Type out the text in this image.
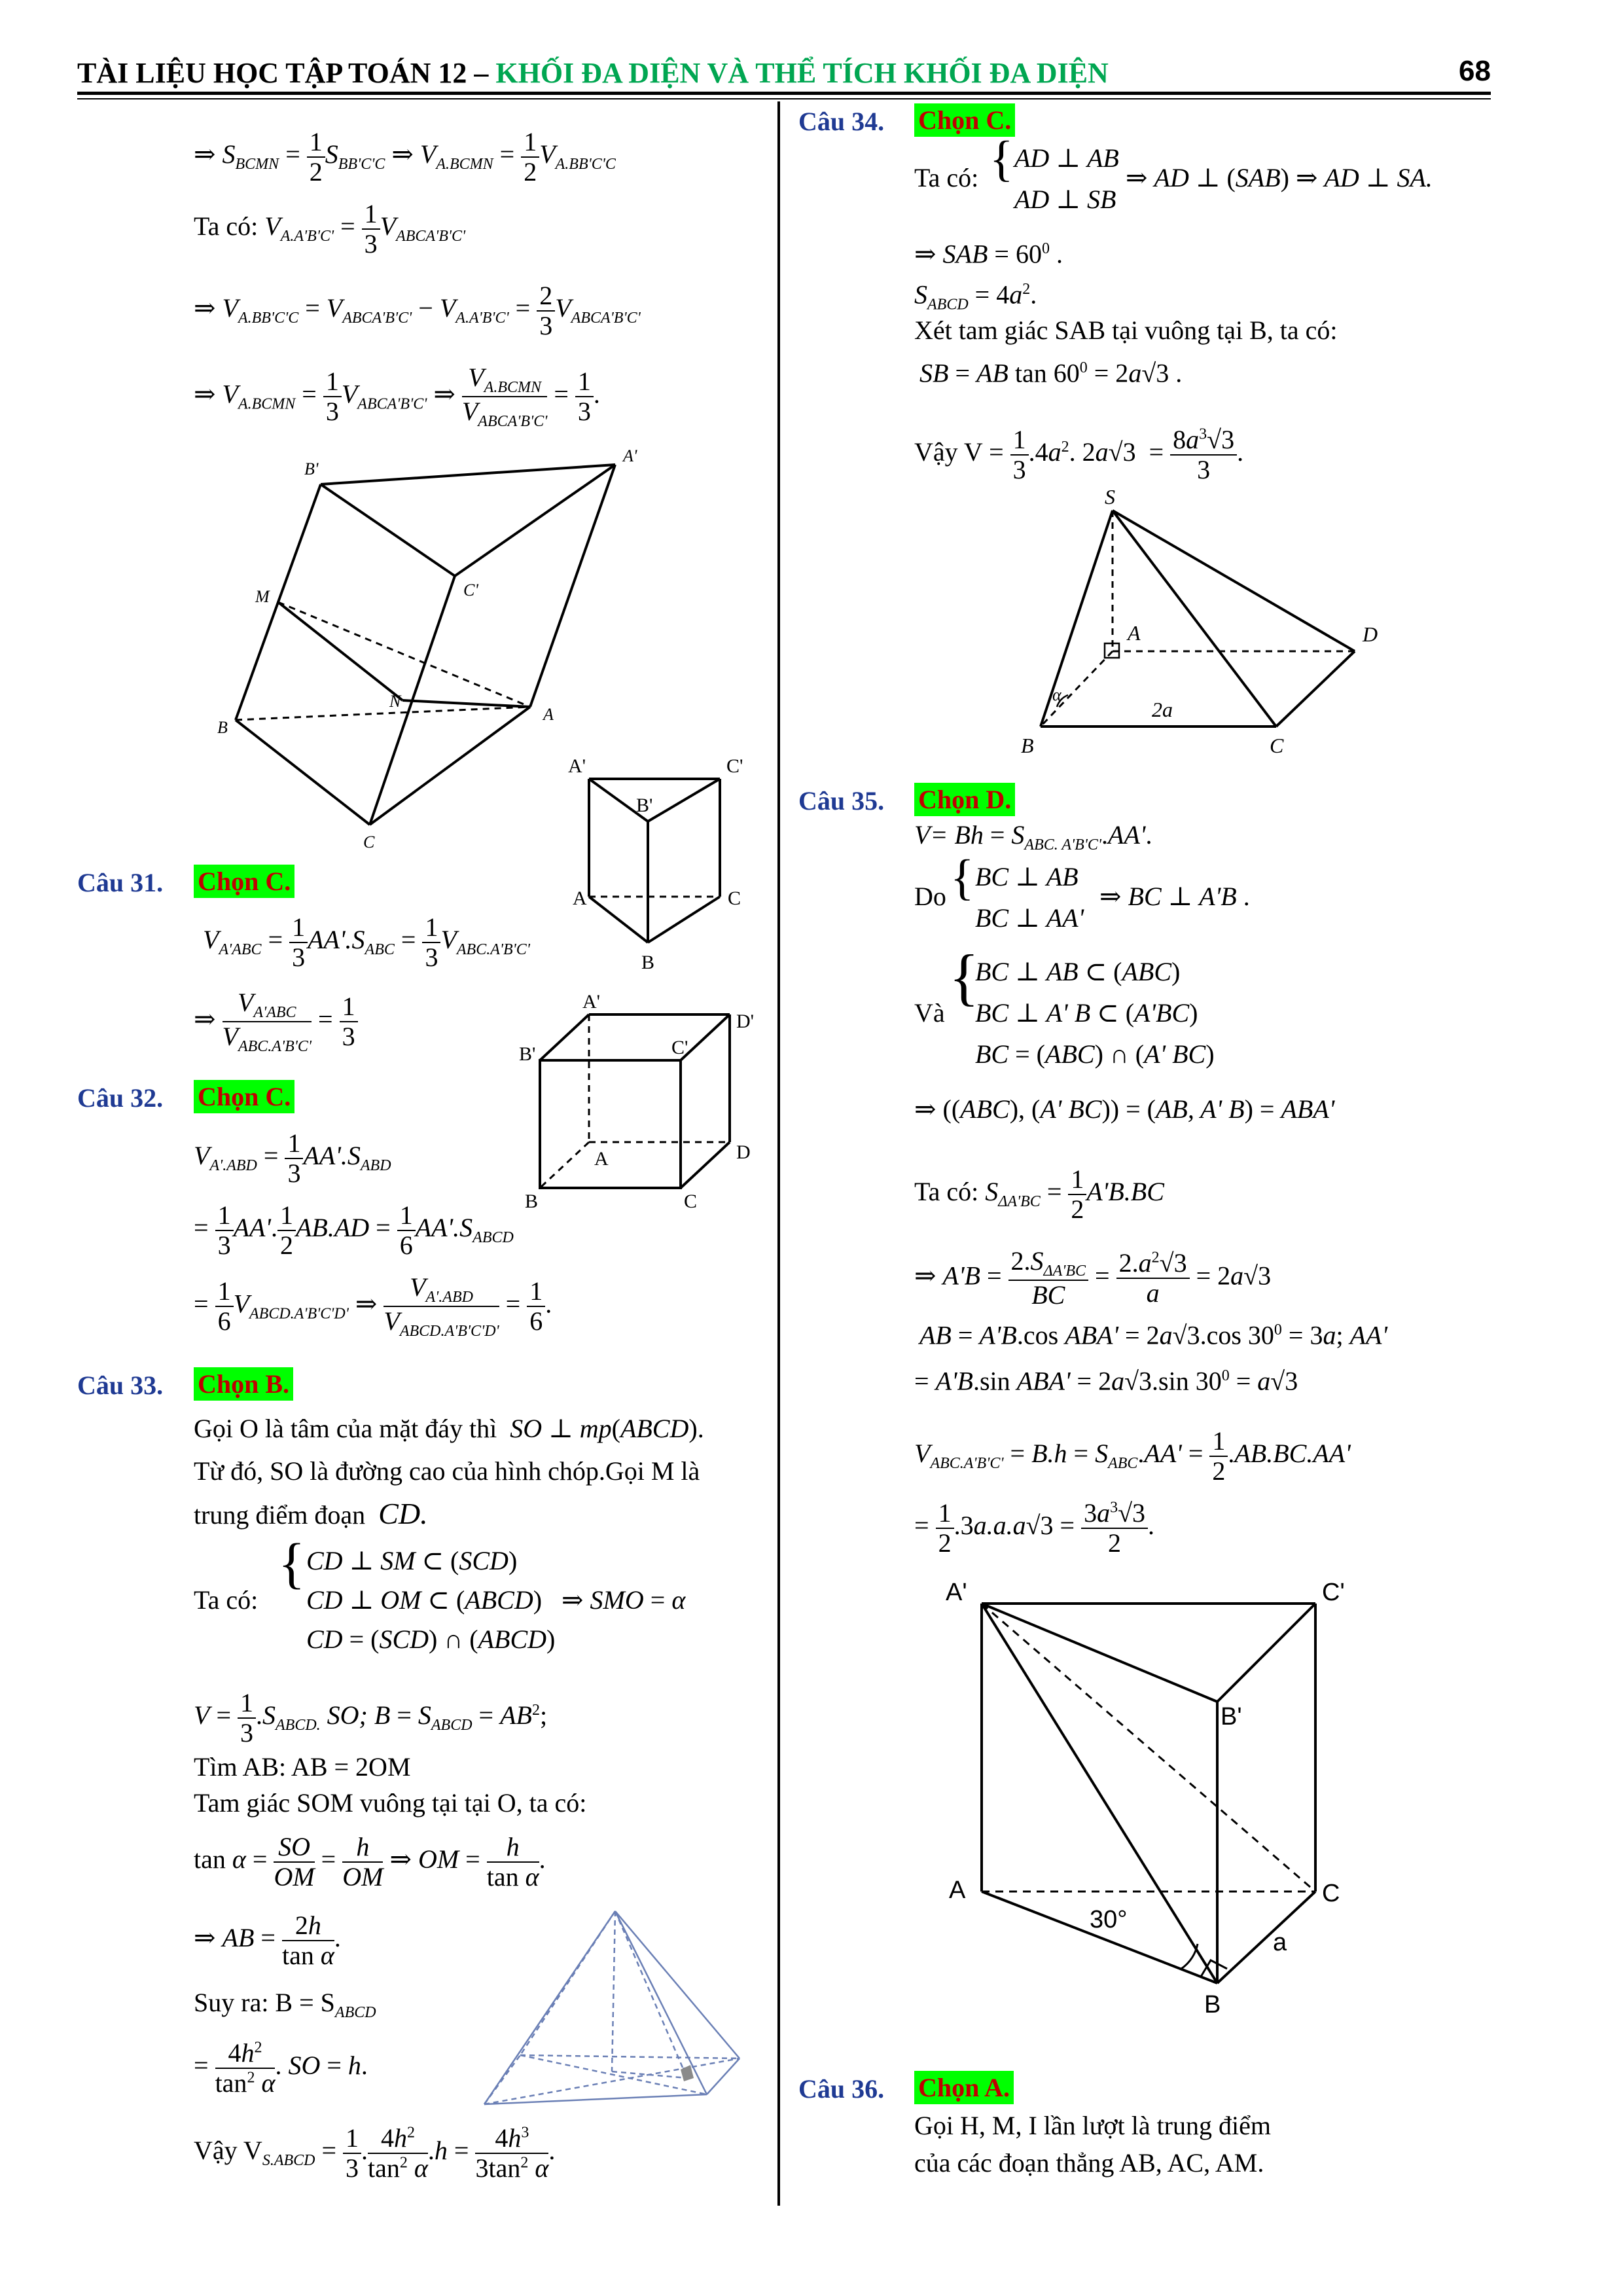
TÀI LIỆU HỌC TẬP TOÁN 12 – KHỐI ĐA DIỆN VÀ THỂ TÍCH KHỐI ĐA DIỆN	68
⇒ $S_{BCMN} = \frac{1}{2} S_{BB'C'C}$ ⇒ $V_{A.BCMN} = \frac{1}{2} V_{A.BB'C'C}$
Ta có: $V_{A.A'B'C'} = \frac{1}{3} V_{ABCA'B'C'}$
⇒ $V_{A.BB'C'C} = V_{ABCA'B'C'} - V_{A.A'B'C'} = \frac{2}{3} V_{ABCA'B'C'}$
⇒ $V_{A.BCMN} = \frac{1}{3} V_{ABCA'B'C'}$ ⇒
$V_{A.BCMN}$
$V_{ABCA'B'C'}$
= $\frac{1}{3}$ .
B'
A'
C'
M
N
A
B
C
Câu 31. Chọn C.
$V_{A'ABC} = \frac{1}{3} AA'.S_{ABC} = \frac{1}{3} V_{ABC.A'B'C'}$
⇒
$V_{A'ABC}$
$V_{ABC.A'B'C'}$
= $\frac{1}{3}$
A'	C'
B'
A	C
B
A'
D'
B'	C'
A	D
B	C
Câu 32. Chọn C.
$V_{A'.ABD} = \frac{1}{3} AA'.S_{ABD}$
= $\frac{1}{3} AA'$. $\frac{1}{2} AB.AD = \frac{1}{6} AA'.S_{ABCD}$
= $\frac{1}{6} V_{ABCD.A'B'C'D'}$ ⇒
$V_{A'.ABD}$
$V_{ABCD.A'B'C'D'}$
= $\frac{1}{6}$ .
Câu 33. Chọn B.
Gọi O là tâm của mặt đáy thì SO ⊥ mp(ABCD).
Từ đó, SO là đường cao của hình chóp.Gọi M là
trung điểm đoạn CD.
Ta có:
{ CD ⊥ SM ⊂ (SCD)
CD ⊥ OM ⊂ (ABCD)   ⇒ SMO = α
CD = (SCD) ∩ (ABCD)
$V = \frac{1}{3} .S_{ABCD.}$ SO; $B = S_{ABCD} = AB^2$;
Tìm AB: AB = 2OM
Tam giác SOM vuông tại tại O, ta có:
$\tan \alpha = \frac{SO}{OM} = \frac{h}{OM}$ ⇒ OM = $\frac{h}{\text{tan α}}$ .
⇒ AB = $\frac{2h}{\text{tan α}}$ .
Suy ra: $B = S_{ABCD}$
= $\frac{4h^2}{\tan^2 \alpha}$ . SO = h.
Vậy $V_{S.ABCD} = \frac{1}{3}$ . $\frac{4h^2}{\tan^2 \alpha} .h = \frac{4h^3}{3\tan^2 \alpha}$ .
Câu 34. Chọn C.
Ta có: { AD ⊥ AB
AD ⊥ SB
⇒ AD ⊥ (SAB) ⇒ AD ⊥ SA.
⇒ SAB = $60^0$ .
$S_{ABCD} = 4a^2$.
Xét tam giác SAB tại vuông tại B, ta có:
SB = AB $\tan 60^0 = 2a√3$ .
Vậy $V = \frac{1}{3} .4a^2$. $2a√3 = \frac{8a^3√3}{3}$ .
S
A	D
α
2a
B	C
Câu 35. Chọn D.
$V= Bh = S_{ABC. A'B'C'}.AA'$.
Do { BC ⊥ AB
BC ⊥ AA'
⇒ BC ⊥ A'B .
Và
{
BC ⊥ AB ⊂ (ABC)
BC ⊥ A' B ⊂ (A'BC)
BC = (ABC) ∩ (A' BC)
⇒ ((ABC), (A' BC)) = (AB, A' B) = ABA'
Ta có: $S_{\Delta A'BC} = \frac{1}{2} A'B.BC$
⇒ $A'B = 2.S_{\Delta A'BC}$
BC
= $\frac{2.a^2√3}{a} = 2a√3$
AB = A'B.cos ABA' = 2a√3.cos $30^0 = 3a$; AA'
= A'B.sin ABA' = 2a√3.sin $30^0 = a√3$
$V_{ABC.A'B'C'} = B.h = S_{ABC}.AA' = \frac{1}{2} .AB.BC.AA'$
= $\frac{1}{2} .3a.a.a√3 = \frac{3a^3√3}{2}$ .
A'	C'
B'
A	C
30°
a
B
Câu 36. Chọn A.
Gọi H, M, I lần lượt là trung điểm
của các đoạn thẳng AB, AC, AM.
